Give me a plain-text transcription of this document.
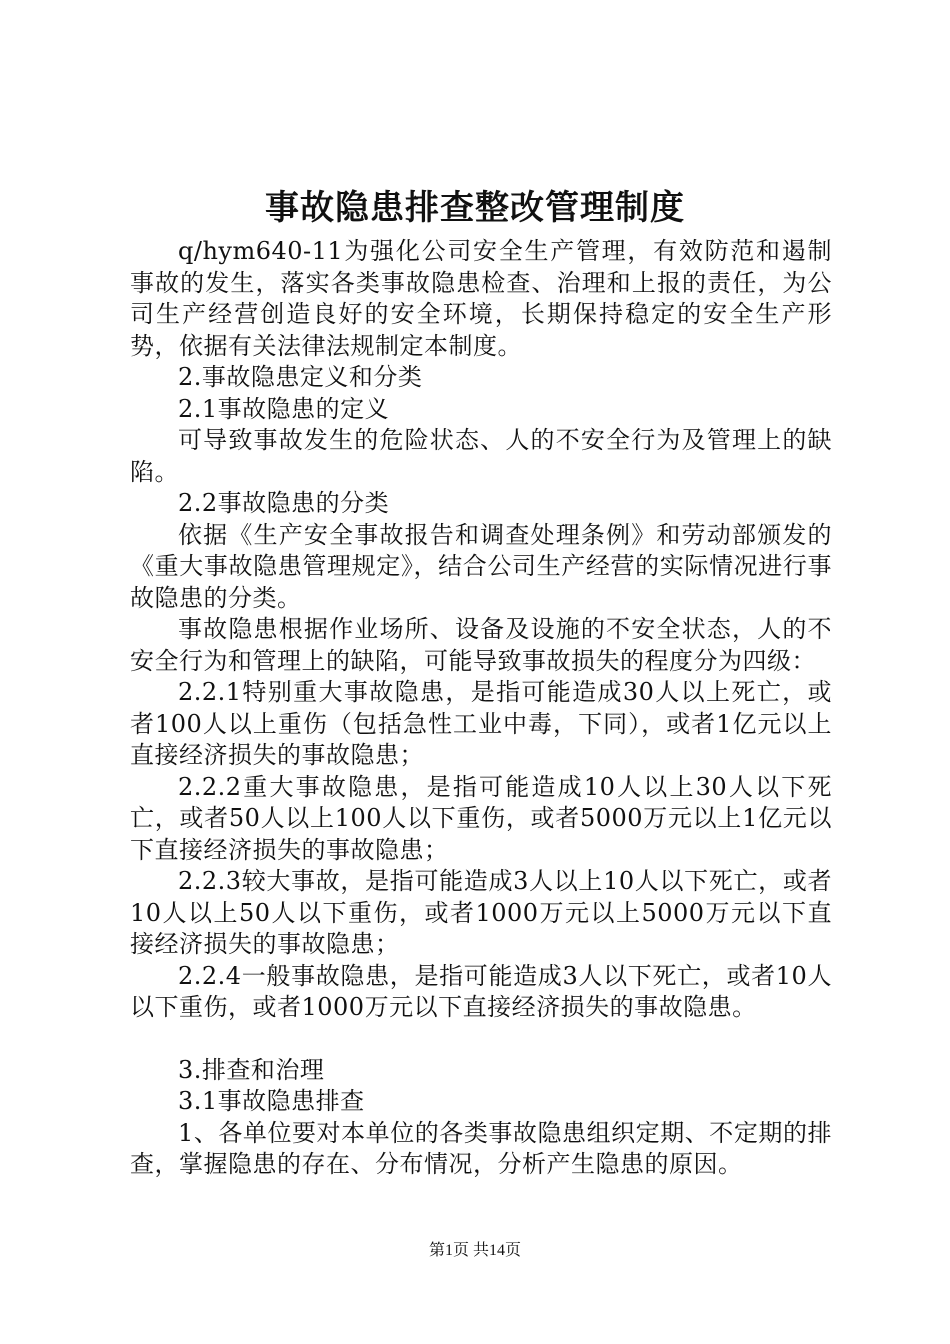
事故隐患排查整改管理制度

q/hym640-11为强化公司安全生产管理，有效防范和遏制事故的发生，落实各类事故隐患检查、治理和上报的责任，为公司生产经营创造良好的安全环境，长期保持稳定的安全生产形势，依据有关法律法规制定本制度。

2.事故隐患定义和分类

2.1事故隐患的定义

可导致事故发生的危险状态、人的不安全行为及管理上的缺陷。

2.2事故隐患的分类

依据《生产安全事故报告和调查处理条例》和劳动部颁发的《重大事故隐患管理规定》，结合公司生产经营的实际情况进行事故隐患的分类。

事故隐患根据作业场所、设备及设施的不安全状态，人的不安全行为和管理上的缺陷，可能导致事故损失的程度分为四级：

2.2.1特别重大事故隐患，是指可能造成30人以上死亡，或者100人以上重伤（包括急性工业中毒，下同），或者1亿元以上直接经济损失的事故隐患；

2.2.2重大事故隐患，是指可能造成10人以上30人以下死亡，或者50人以上100人以下重伤，或者5000万元以上1亿元以下直接经济损失的事故隐患；

2.2.3较大事故，是指可能造成3人以上10人以下死亡，或者10人以上50人以下重伤，或者1000万元以上5000万元以下直接经济损失的事故隐患；

2.2.4一般事故隐患，是指可能造成3人以下死亡，或者10人以下重伤，或者1000万元以下直接经济损失的事故隐患。

3.排查和治理

3.1事故隐患排查

1、各单位要对本单位的各类事故隐患组织定期、不定期的排查，掌握隐患的存在、分布情况，分析产生隐患的原因。

第1页 共14页
